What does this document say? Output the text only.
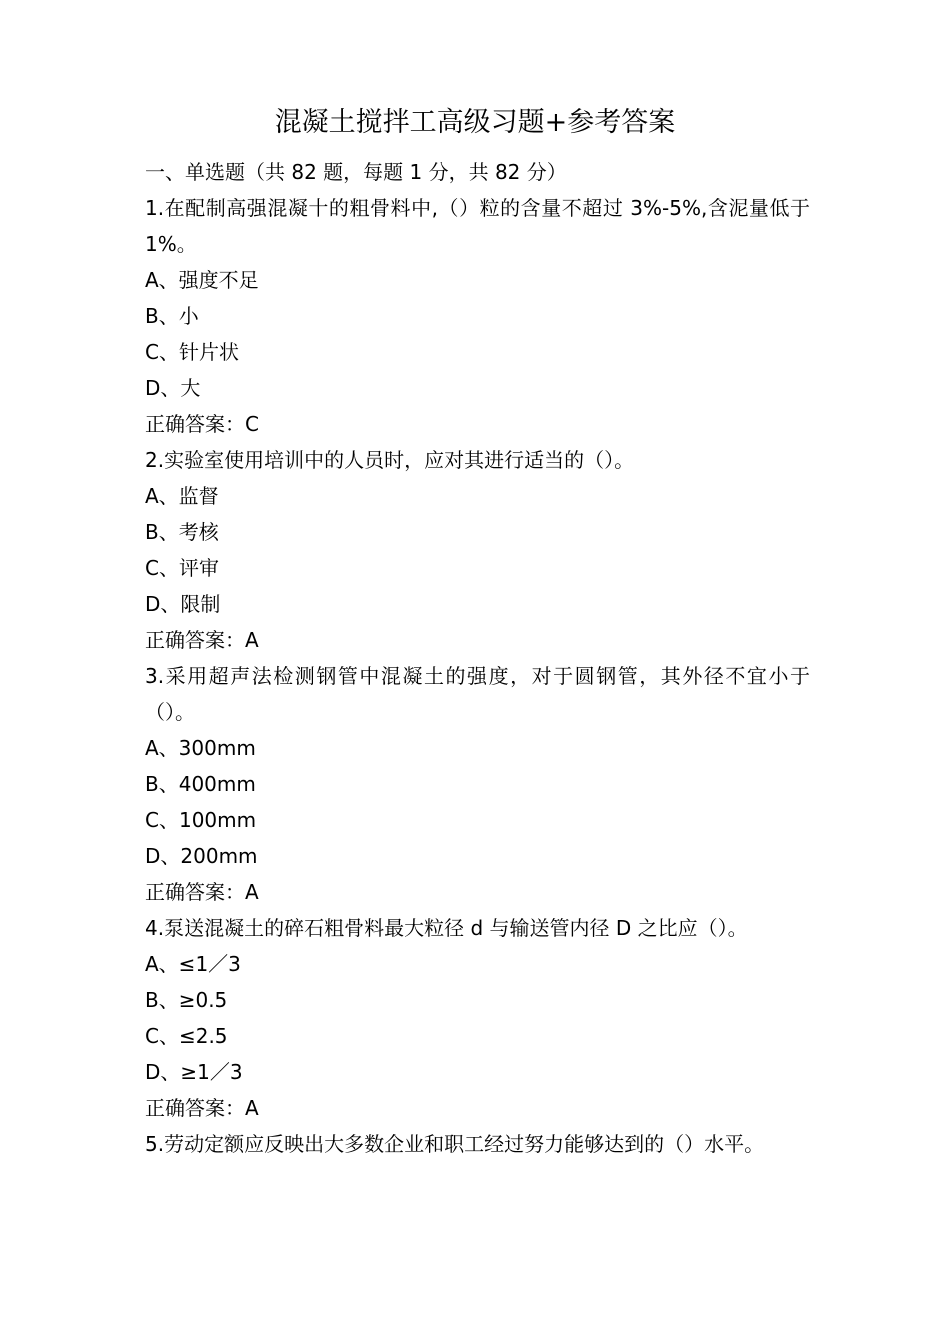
混凝土搅拌工高级习题+参考答案
一、单选题（共 82 题，每题 1 分，共 82 分）
1.在配制高强混凝十的粗骨料中,（）粒的含量不超过 3%-5%,含泥量低于 1%。
A、强度不足
B、小
C、针片状
D、大
正确答案：C
2.实验室使用培训中的人员时，应对其进行适当的（）。
A、监督
B、考核
C、评审
D、限制
正确答案：A
3.采用超声法检测钢管中混凝土的强度，对于圆钢管，其外径不宜小于（）。
A、300mm
B、400mm
C、100mm
D、200mm
正确答案：A
4.泵送混凝土的碎石粗骨料最大粒径 d 与输送管内径 D 之比应（）。
A、≤1／3
B、≥0.5
C、≤2.5
D、≥1／3
正确答案：A
5.劳动定额应反映出大多数企业和职工经过努力能够达到的（）水平。
